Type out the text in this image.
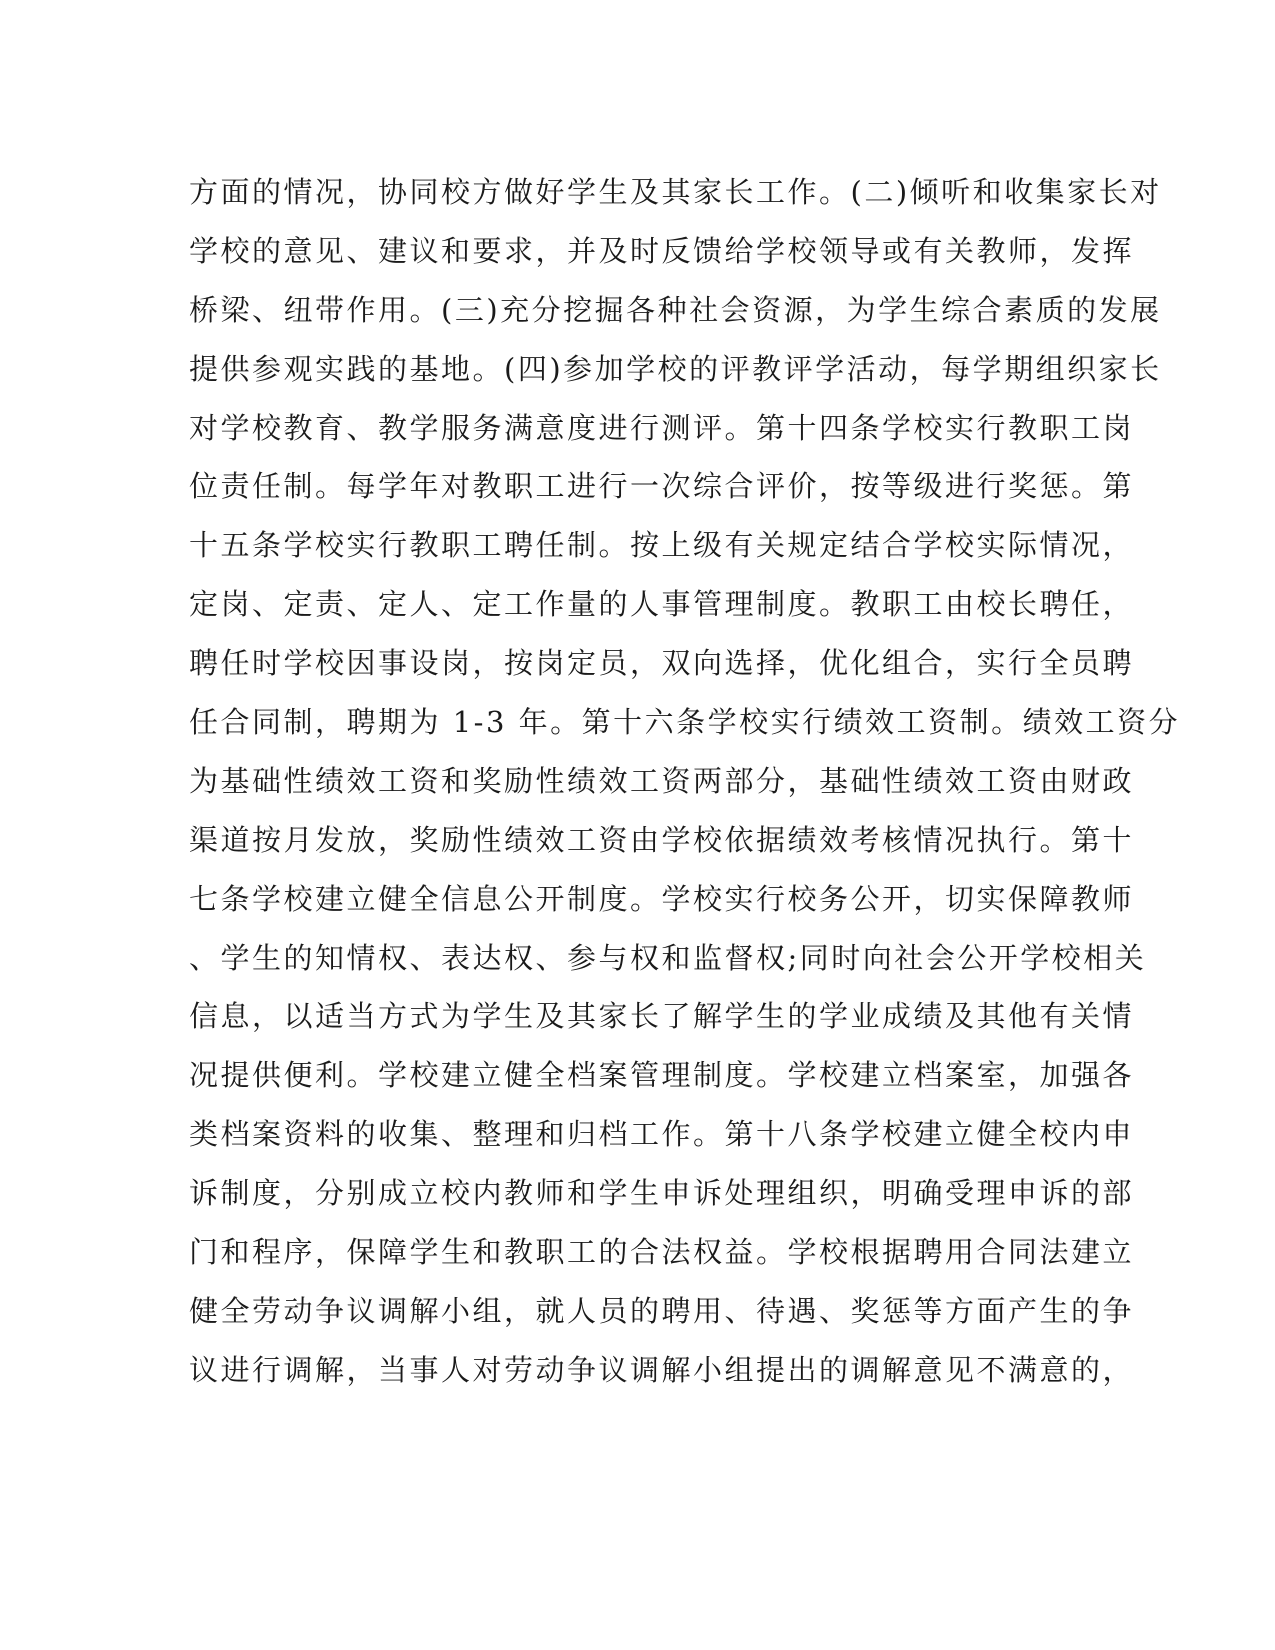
方面的情况，协同校方做好学生及其家长工作。(二)倾听和收集家长对
学校的意见、建议和要求，并及时反馈给学校领导或有关教师，发挥
桥梁、纽带作用。(三)充分挖掘各种社会资源，为学生综合素质的发展
提供参观实践的基地。(四)参加学校的评教评学活动，每学期组织家长
对学校教育、教学服务满意度进行测评。第十四条学校实行教职工岗
位责任制。每学年对教职工进行一次综合评价，按等级进行奖惩。第
十五条学校实行教职工聘任制。按上级有关规定结合学校实际情况，
定岗、定责、定人、定工作量的人事管理制度。教职工由校长聘任，
聘任时学校因事设岗，按岗定员，双向选择，优化组合，实行全员聘
任合同制，聘期为 1-3 年。第十六条学校实行绩效工资制。绩效工资分
为基础性绩效工资和奖励性绩效工资两部分，基础性绩效工资由财政
渠道按月发放，奖励性绩效工资由学校依据绩效考核情况执行。第十
七条学校建立健全信息公开制度。学校实行校务公开，切实保障教师
、学生的知情权、表达权、参与权和监督权;同时向社会公开学校相关
信息，以适当方式为学生及其家长了解学生的学业成绩及其他有关情
况提供便利。学校建立健全档案管理制度。学校建立档案室，加强各
类档案资料的收集、整理和归档工作。第十八条学校建立健全校内申
诉制度，分别成立校内教师和学生申诉处理组织，明确受理申诉的部
门和程序，保障学生和教职工的合法权益。学校根据聘用合同法建立
健全劳动争议调解小组，就人员的聘用、待遇、奖惩等方面产生的争
议进行调解，当事人对劳动争议调解小组提出的调解意见不满意的，
